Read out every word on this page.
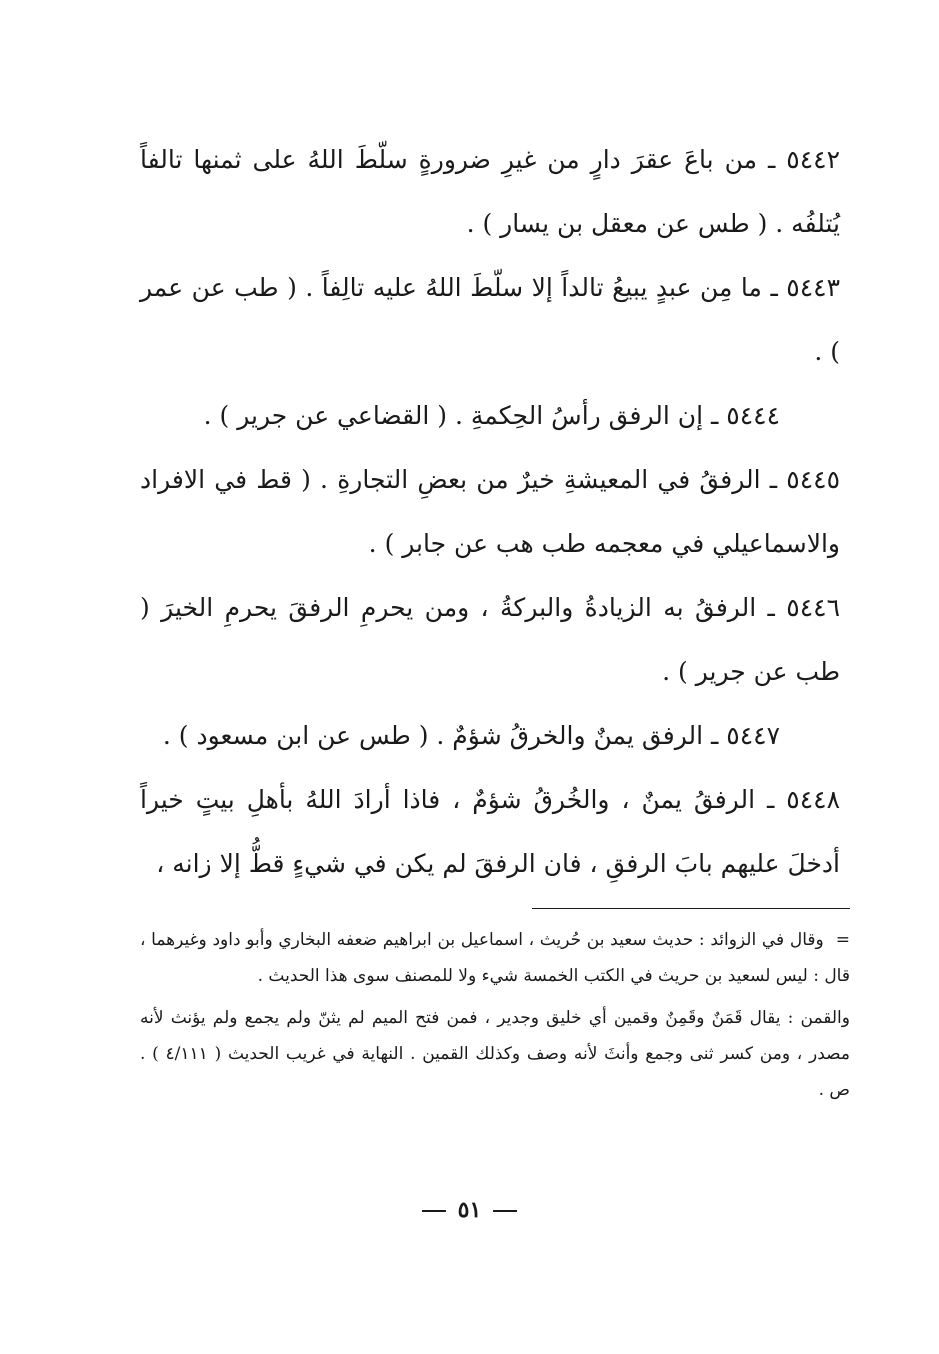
٥٤٤٢ ـ من باعَ عقرَ دارٍ من غيرِ ضرورةٍ سلّطَ اللهُ على ثمنها تالفاً يُتلفُه . ( طس عن معقل بن يسار ) .

٥٤٤٣ ـ ما مِن عبدٍ يبيعُ تالداً إلا سلّطَ اللهُ عليه تالِفاً . ( طب عن عمر ) .

٥٤٤٤ ـ إن الرفق رأسُ الحِكمةِ . ( القضاعي عن جرير ) .

٥٤٤٥ ـ الرفقُ في المعيشةِ خيرٌ من بعضِ التجارةِ . ( قط في الافراد والاسماعيلي في معجمه طب هب عن جابر ) .

٥٤٤٦ ـ الرفقُ به الزيادةُ والبركةُ ، ومن يحرمِ الرفقَ يحرمِ الخيرَ ( طب عن جرير ) .

٥٤٤٧ ـ الرفق يمنٌ والخرقُ شؤمٌ . ( طس عن ابن مسعود ) .

٥٤٤٨ ـ الرفقُ يمنٌ ، والخُرقُ شؤمٌ ، فاذا أرادَ اللهُ بأهلِ بيتٍ خيراً أدخلَ عليهم بابَ الرفقِ ، فان الرفقَ لم يكن في شيءٍ قطُّ إلا زانه ،

=وقال في الزوائد : حديث سعيد بن حُريث ، اسماعيل بن ابراهيم ضعفه البخاري وأبو داود وغيرهما ، قال : ليس لسعيد بن حريث في الكتب الخمسة شيء ولا للمصنف سوى هذا الحديث .

والقمن : يقال قَمَنٌ وقَمِنٌ وقمين أي خليق وجدير ، فمن فتح الميم لم يثنّ ولم يجمع ولم يؤنث لأنه مصدر ، ومن كسر ثنى وجمع وأنثَ لأنه وصف وكذلك القمين . النهاية في غريب الحديث ( ٤/١١١ ) . ص .

٥١
